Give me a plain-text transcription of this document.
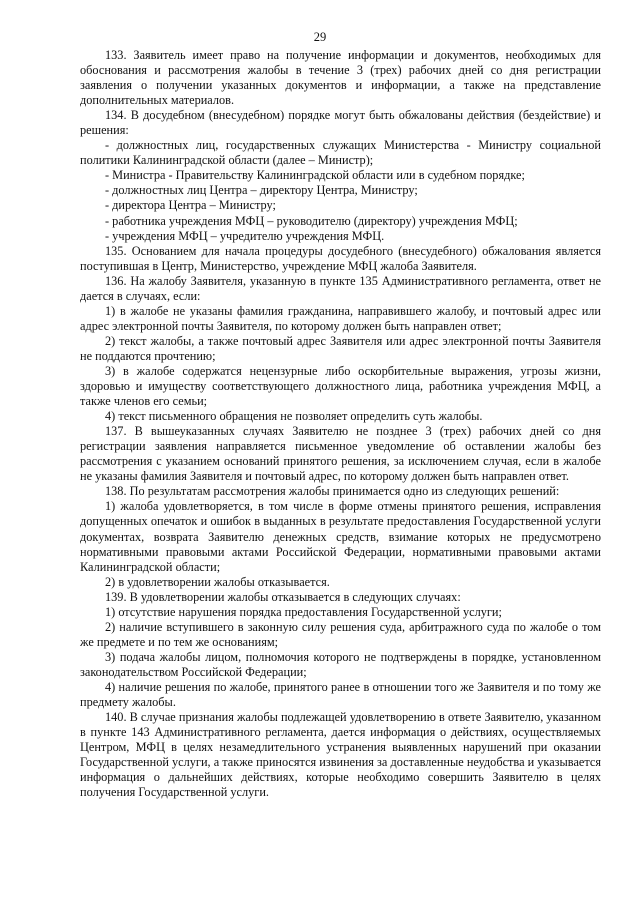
29

133. Заявитель имеет право на получение информации и документов, необходимых для обоснования и рассмотрения жалобы в течение 3 (трех) рабочих дней со дня регистрации заявления о получении указанных документов и информации, а также на представление дополнительных материалов.

134. В досудебном (внесудебном) порядке могут быть обжалованы действия (бездействие) и решения:

- должностных лиц, государственных служащих Министерства - Министру социальной политики Калининградской области (далее – Министр);

- Министра - Правительству Калининградской области или в судебном порядке;

- должностных лиц Центра – директору Центра, Министру;

- директора Центра – Министру;

- работника учреждения МФЦ – руководителю (директору) учреждения МФЦ;

- учреждения МФЦ – учредителю учреждения МФЦ.

135. Основанием для начала процедуры досудебного (внесудебного) обжалования является поступившая в Центр, Министерство, учреждение МФЦ жалоба Заявителя.

136. На жалобу Заявителя, указанную в пункте 135 Административного регламента, ответ не дается в случаях, если:

1) в жалобе не указаны фамилия гражданина, направившего жалобу, и почтовый адрес или адрес электронной почты Заявителя, по которому должен быть направлен ответ;

2) текст жалобы, а также почтовый адрес Заявителя или адрес электронной почты Заявителя не поддаются прочтению;

3) в жалобе содержатся нецензурные либо оскорбительные выражения, угрозы жизни, здоровью и имуществу соответствующего должностного лица, работника учреждения МФЦ, а также членов его семьи;

4) текст письменного обращения не позволяет определить суть жалобы.

137. В вышеуказанных случаях Заявителю не позднее 3 (трех) рабочих дней со дня регистрации заявления направляется письменное уведомление об оставлении жалобы без рассмотрения с указанием оснований принятого решения, за исключением случая, если в жалобе не указаны фамилия Заявителя и почтовый адрес, по которому должен быть направлен ответ.

138. По результатам рассмотрения жалобы принимается одно из следующих решений:

1) жалоба удовлетворяется, в том числе в форме отмены принятого решения, исправления допущенных опечаток и ошибок в выданных в результате предоставления Государственной услуги документах, возврата Заявителю денежных средств, взимание которых не предусмотрено нормативными правовыми актами Российской Федерации, нормативными правовыми актами Калининградской области;

2) в удовлетворении жалобы отказывается.

139. В удовлетворении жалобы отказывается в следующих случаях:

1) отсутствие нарушения порядка предоставления Государственной услуги;

2) наличие вступившего в законную силу решения суда, арбитражного суда по жалобе о том же предмете и по тем же основаниям;

3) подача жалобы лицом, полномочия которого не подтверждены в порядке, установленном законодательством Российской Федерации;

4) наличие решения по жалобе, принятого ранее в отношении того же Заявителя и по тому же предмету жалобы.

140. В случае признания жалобы подлежащей удовлетворению в ответе Заявителю, указанном в пункте 143 Административного регламента, дается информация о действиях, осуществляемых Центром, МФЦ в целях незамедлительного устранения выявленных нарушений при оказании Государственной услуги, а также приносятся извинения за доставленные неудобства и указывается информация о дальнейших действиях, которые необходимо совершить Заявителю в целях получения Государственной услуги.
